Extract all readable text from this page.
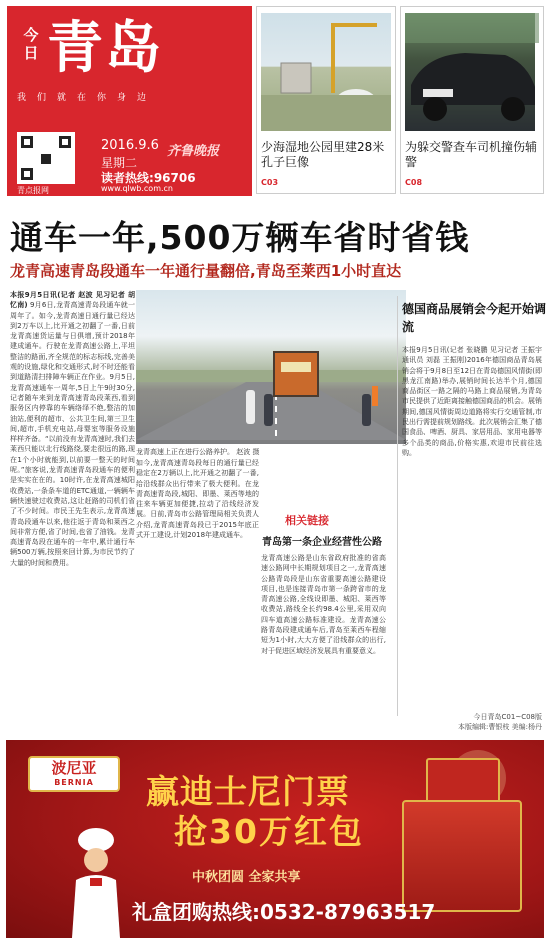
今日 青岛
我们就在你身边
青点报网
2016.9.6
星期二
齐鲁晚报
读者热线:96706
www.qlwb.com.cn
少海湿地公园里建28米孔子巨像
C03
为躲交警查车司机撞伤辅警
C08
通车一年,500万辆车省时省钱
龙青高速青岛段通车一年通行量翻倍,青岛至莱西1小时直达
本报9月5日讯(记者 赵波 见习记者 胡忆南) 9月6日,龙青高速青岛段通车就一周年了。如今,龙青高速日通行量已经达到2万车以上,比开通之初翻了一番,日前龙青高速货运量与日俱增,预计2018年建成通车。行驶在龙青高速公路上,平坦整洁的路面,齐全规范的标志标线,完善美观的设施,绿化和交通形式,时不时还能看到道路清扫排障车辆正在作业。9月5日,龙青高速通车一周年,5日上午9时30分,记者随车来到龙青高速青岛段莱西,看到服务区内停靠的车辆络绎不绝,整洁的加油站,便利的超市、公共卫生间,第三卫生间,超市,手机充电站,母婴室等服务设施样样齐备。“以前没有龙青高速时,我们去莱西只能以北行线路绕,要走很远的路,现在1个小时就能到,以前要一整天的时间呢。”旅客说,龙青高速青岛段通车的便利是实实在在的。10时许,在龙青高速城阳收费站,一条条车道的ETC通道,一辆辆车辆快速驶过收费站,这让赶路的司机们省了不少时间。市民王先生表示,龙青高速青岛段通车以来,他往返于青岛和莱西之间非常方便,省了时间,也省了油钱。龙青高速青岛段在通车的一年中,累计通行车辆500万辆,按照来回计算,为市民节约了大量的时间和费用。
龙青高速上正在进行公路养护。 赵波 摄
如今,龙青高速青岛段每日的通行量已经稳定在2万辆以上,比开通之初翻了一番,给沿线群众出行带来了极大便利。在龙青高速青岛段,城阳、即墨、莱西等地的往来车辆更加便捷,拉动了沿线经济发展。日前,青岛市公路管理局相关负责人介绍,龙青高速青岛段已于2015年底正式开工建设,计划2018年建成通车。
相关链接
青岛第一条企业经营性公路
龙青高速公路是山东省政府批准的省高速公路网中长期规划项目之一,龙青高速公路青岛段是山东省重要高速公路建设项目,也是连接青岛市第一条跨省市的龙青高速公路,全线设即墨、城阳、莱西等收费站,路线全长约98.4公里,采用双向四车道高速公路标准建设。龙青高速公路青岛段建成通车后,青岛至莱西车程缩短为1小时,大大方便了沿线群众的出行,对于促进区域经济发展具有重要意义。
德国商品展销会今起开始调流
本报9月5日讯(记者 张晓鹏 见习记者 王振宇 通讯员 刘磊 王振刚)2016年德国商品青岛展销会将于9月8日至12日在青岛德国风情街(即黑龙江南路)举办,展销时间长达半个月,德国商品街区一路之隔的马路上商品展销,为青岛市民提供了近距离接触德国商品的机会。展销期间,德国风情街周边道路将实行交通管制,市民出行需提前规划路线。此次展销会汇集了德国食品、啤酒、厨具、家居用品、家用电器等多个品类的商品,价格实惠,欢迎市民前往选购。
今日青岛C01~C08版
本版编辑:曹银枝 美编:杨丹
波尼亚
BERNIA	赢迪士尼门票
抢30万红包
中秋团圆 全家共享
礼盒团购热线:0532-87963517
